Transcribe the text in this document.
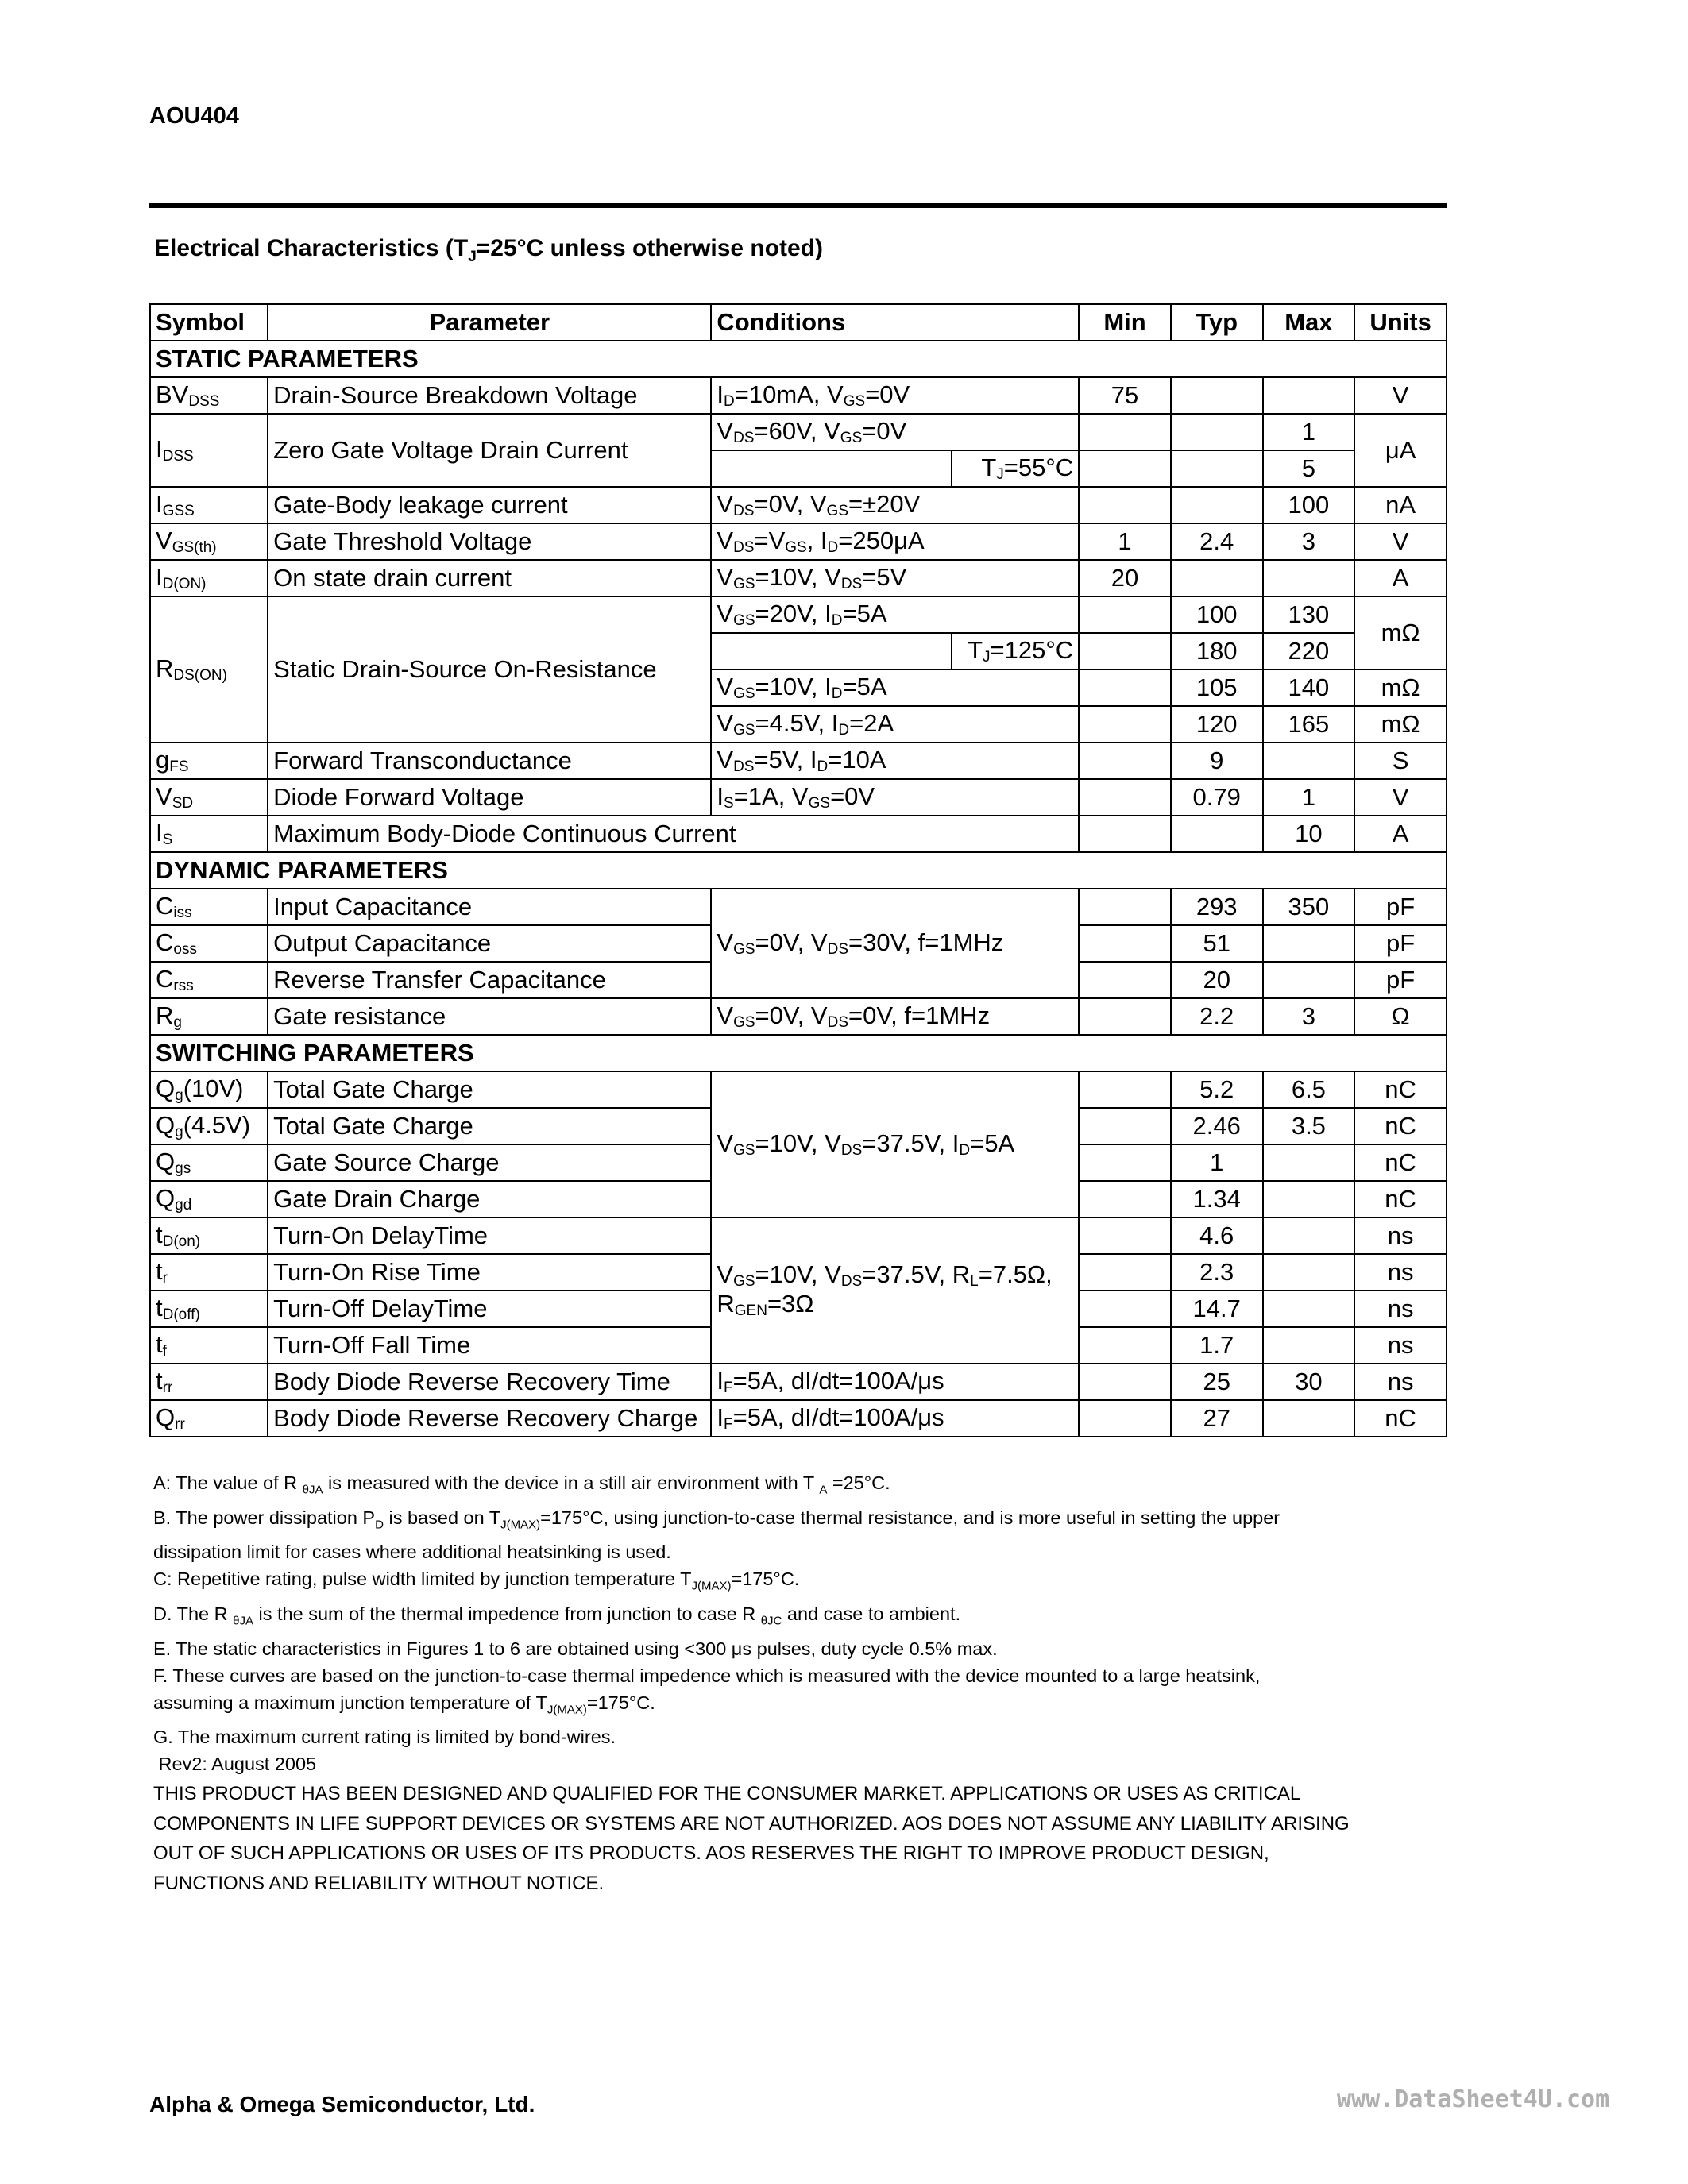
AOU404
Electrical Characteristics ($T_J=25^\circ C$ unless otherwise noted)
Symbol	Parameter	Conditions		Min	Typ	Max	Units
STATIC PARAMETERS							
$BV_{DSS}$	Drain-Source Breakdown Voltage	$I_D=10mA$, $V_{GS}=0V$		75			V
$I_{DSS}$	Zero Gate Voltage Drain Current	$V_{DS}=60V$, $V_{GS}=0V$				1	μA
			$T_J=55^\circ C$			5	
$I_{GSS}$	Gate-Body leakage current	$V_{DS}=0V$, $V_{GS}=\pm 20V$				100	nA
$V_{GS(th)}$	Gate Threshold Voltage	$V_{DS}=V_{GS}$, $I_D=250\mu A$		1	2.4	3	V
$I_{D(ON)}$	On state drain current	$V_{GS}=10V$, $V_{DS}=5V$		20			A
$R_{DS(ON)}$	Static Drain-Source On-Resistance	$V_{GS}=20V$, $I_D=5A$			100	130	mΩ
			$T_J=125^\circ C$		180	220	
		$V_{GS}=10V$, $I_D=5A$			105	140	mΩ
		$V_{GS}=4.5V$, $I_D=2A$			120	165	mΩ
$g_{FS}$	Forward Transconductance	$V_{DS}=5V$, $I_D=10A$			9		S
$V_{SD}$	Diode Forward Voltage	$I_S=1A$, $V_{GS}=0V$			0.79	1	V
$I_S$	Maximum Body-Diode Continuous Current					10	A
DYNAMIC PARAMETERS							
$C_{iss}$	Input Capacitance	$V_{GS}=0V$, $V_{DS}=30V$, f=1MHz			293	350	pF
$C_{oss}$	Output Capacitance				51		pF
$C_{rss}$	Reverse Transfer Capacitance				20		pF
$R_g$	Gate resistance	$V_{GS}=0V$, $V_{DS}=0V$, f=1MHz			2.2	3	Ω
SWITCHING PARAMETERS							
$Q_g(10V)$	Total Gate Charge	$V_{GS}=10V$, $V_{DS}=37.5V$, $I_D=5A$			5.2	6.5	nC
$Q_g(4.5V)$	Total Gate Charge				2.46	3.5	nC
$Q_{gs}$	Gate Source Charge				1		nC
$Q_{gd}$	Gate Drain Charge				1.34		nC
$t_{D(on)}$	Turn-On DelayTime	$V_{GS}=10V$, $V_{DS}=37.5V$, $R_L=7.5\Omega$, $R_{GEN}=3\Omega$			4.6		ns
$t_r$	Turn-On Rise Time				2.3		ns
$t_{D(off)}$	Turn-Off DelayTime				14.7		ns
$t_f$	Turn-Off Fall Time				1.7		ns
$t_{rr}$	Body Diode Reverse Recovery Time	$I_F=5A$, dI/dt=100A/μs			25	30	ns
$Q_{rr}$	Body Diode Reverse Recovery Charge	$I_F=5A$, dI/dt=100A/μs			27		nC

A: The value of R $_{\theta JA}$ is measured with the device in a still air environment with T $_A$ =25°C.

B. The power dissipation $P_D$ is based on $T_{J(MAX)}=175^\circ C$, using junction-to-case thermal resistance, and is more useful in setting the upper

dissipation limit for cases where additional heatsinking is used.

C: Repetitive rating, pulse width limited by junction temperature $T_{J(MAX)}=175^\circ C$.

D. The R $_{\theta JA}$ is the sum of the thermal impedence from junction to case R $_{\theta JC}$ and case to ambient.

E. The static characteristics in Figures 1 to 6 are obtained using <300 μs pulses, duty cycle 0.5% max.

F. These curves are based on the junction-to-case thermal impedence which is measured with the device mounted to a large heatsink,

assuming a maximum junction temperature of $T_{J(MAX)}=175^\circ C$.

G. The maximum current rating is limited by bond-wires.

Rev2: August 2005

THIS PRODUCT HAS BEEN DESIGNED AND QUALIFIED FOR THE CONSUMER MARKET. APPLICATIONS OR USES AS CRITICAL

COMPONENTS IN LIFE SUPPORT DEVICES OR SYSTEMS ARE NOT AUTHORIZED. AOS DOES NOT ASSUME ANY LIABILITY ARISING

OUT OF SUCH APPLICATIONS OR USES OF ITS PRODUCTS. AOS RESERVES THE RIGHT TO IMPROVE PRODUCT DESIGN,

FUNCTIONS AND RELIABILITY WITHOUT NOTICE.

Alpha & Omega Semiconductor, Ltd.	www.DataSheet4U.com
